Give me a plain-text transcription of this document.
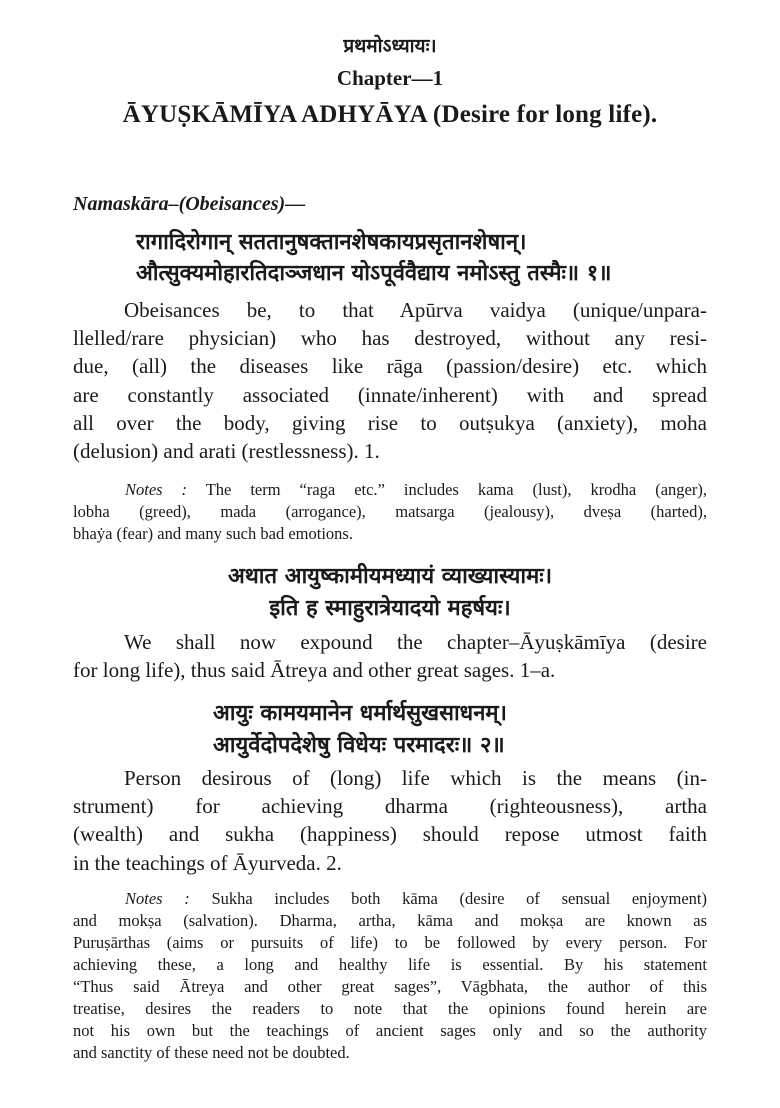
प्रथमोऽध्यायः।
Chapter—1
ĀYUṢKĀMĪYA ADHYĀYA (Desire for long life).
Namaskāra–(Obeisances)—
रागादिरोगान् सततानुषक्तानशेषकायप्रसृतानशेषान्।
औत्सुक्यमोहारतिदाञ्जधान योऽपूर्ववैद्याय नमोऽस्तु तस्मैः॥ १॥
Obeisances be, to that Apūrva vaidya (unique/unpara-
llelled/rare physician) who has destroyed, without any resi-
due, (all) the diseases like rāga (passion/desire) etc. which
are constantly associated (innate/inherent) with and spread
all over the body, giving rise to outṣukya (anxiety), moha
(delusion) and arati (restlessness). 1.
Notes : The term “raga etc.” includes kama (lust), krodha (anger),
lobha (greed), mada (arrogance), matsarga (jealousy), dveṣa (harted),
bhaẏa (fear) and many such bad emotions.
अथात आयुष्कामीयमध्यायं व्याख्यास्यामः।
इति ह स्माहुरात्रेयादयो महर्षयः।
We shall now expound the chapter–Āyuṣkāmīya (desire
for long life), thus said Ātreya and other great sages. 1–a.
आयुः कामयमानेन धर्मार्थसुखसाधनम्।
आयुर्वेदोपदेशेषु विधेयः परमादरः॥ २॥
Person desirous of (long) life which is the means (in-
strument) for achieving dharma (righteousness), artha
(wealth) and sukha (happiness) should repose utmost faith
in the teachings of Āyurveda. 2.
Notes : Sukha includes both kāma (desire of sensual enjoyment)
and mokṣa (salvation). Dharma, artha, kāma and mokṣa are known as
Puruṣārthas (aims or pursuits of life) to be followed by every person. For
achieving these, a long and healthy life is essential. By his statement
“Thus said Ātreya and other great sages”, Vāgbhata, the author of this
treatise, desires the readers to note that the opinions found herein are
not his own but the teachings of ancient sages only and so the authority
and sanctity of these need not be doubted.
